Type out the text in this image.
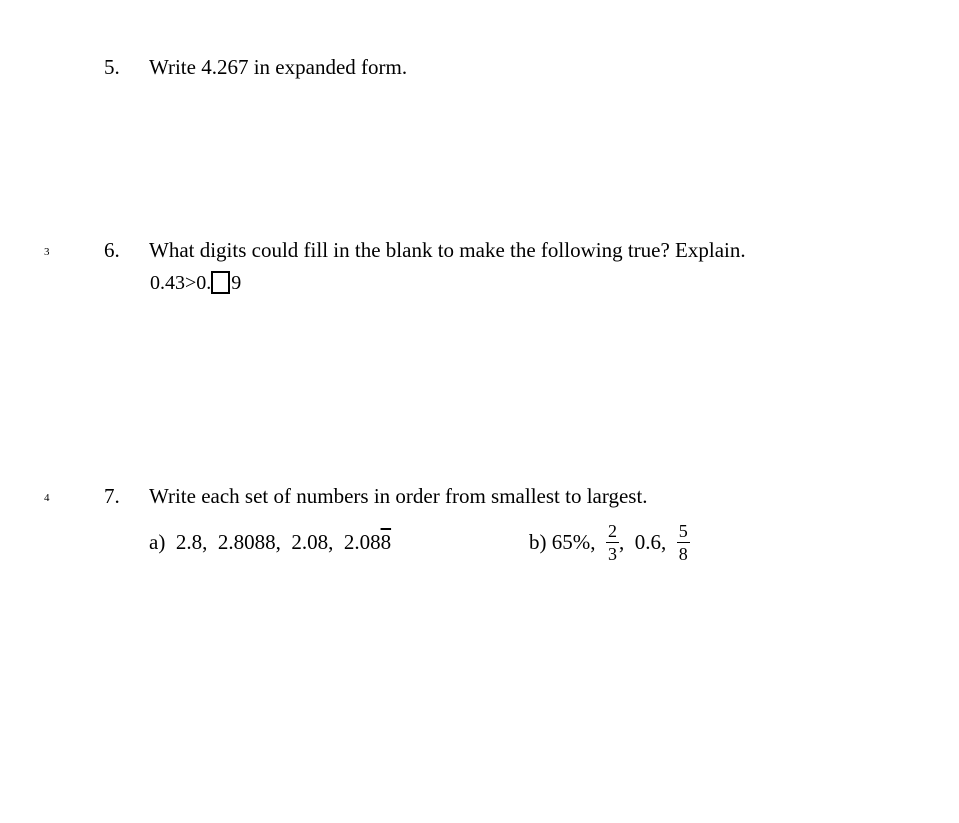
5. Write 4.267 in expanded form.
3	6. What digits could fill in the blank to make the following true? Explain.
0.43>0. 9
4	7. Write each set of numbers in order from smallest to largest.
a) 2.8, 2.8088, 2.08, 2.088	b)
65%,
$\frac{2}{3}$ ,
0.6,
$\frac{5}{8}$
